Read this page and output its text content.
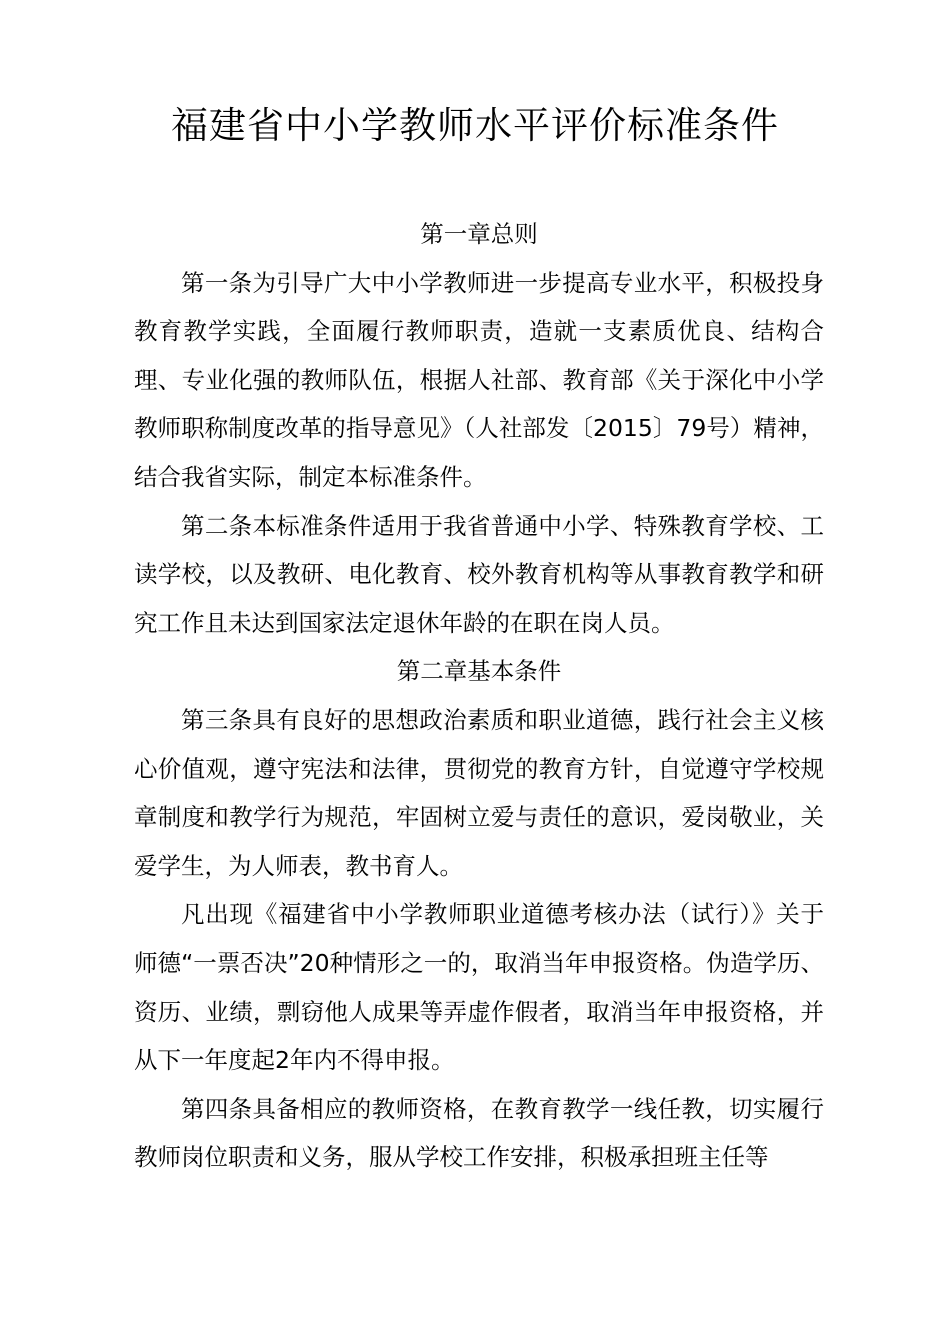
福建省中小学教师水平评价标准条件
第一章总则

第一条为引导广大中小学教师进一步提高专业水平，积极投身教育教学实践，全面履行教师职责，造就一支素质优良、结构合理、专业化强的教师队伍，根据人社部、教育部《关于深化中小学教师职称制度改革的指导意见》（人社部发〔2015〕79号）精神，结合我省实际，制定本标准条件。

第二条本标准条件适用于我省普通中小学、特殊教育学校、工读学校，以及教研、电化教育、校外教育机构等从事教育教学和研究工作且未达到国家法定退休年龄的在职在岗人员。

第二章基本条件

第三条具有良好的思想政治素质和职业道德，践行社会主义核心价值观，遵守宪法和法律，贯彻党的教育方针，自觉遵守学校规章制度和教学行为规范，牢固树立爱与责任的意识，爱岗敬业，关爱学生，为人师表，教书育人。

凡出现《福建省中小学教师职业道德考核办法（试行）》关于师德“一票否决”20种情形之一的，取消当年申报资格。伪造学历、资历、业绩，剽窃他人成果等弄虚作假者，取消当年申报资格，并从下一年度起2年内不得申报。

第四条具备相应的教师资格，在教育教学一线任教，切实履行教师岗位职责和义务，服从学校工作安排，积极承担班主任等
